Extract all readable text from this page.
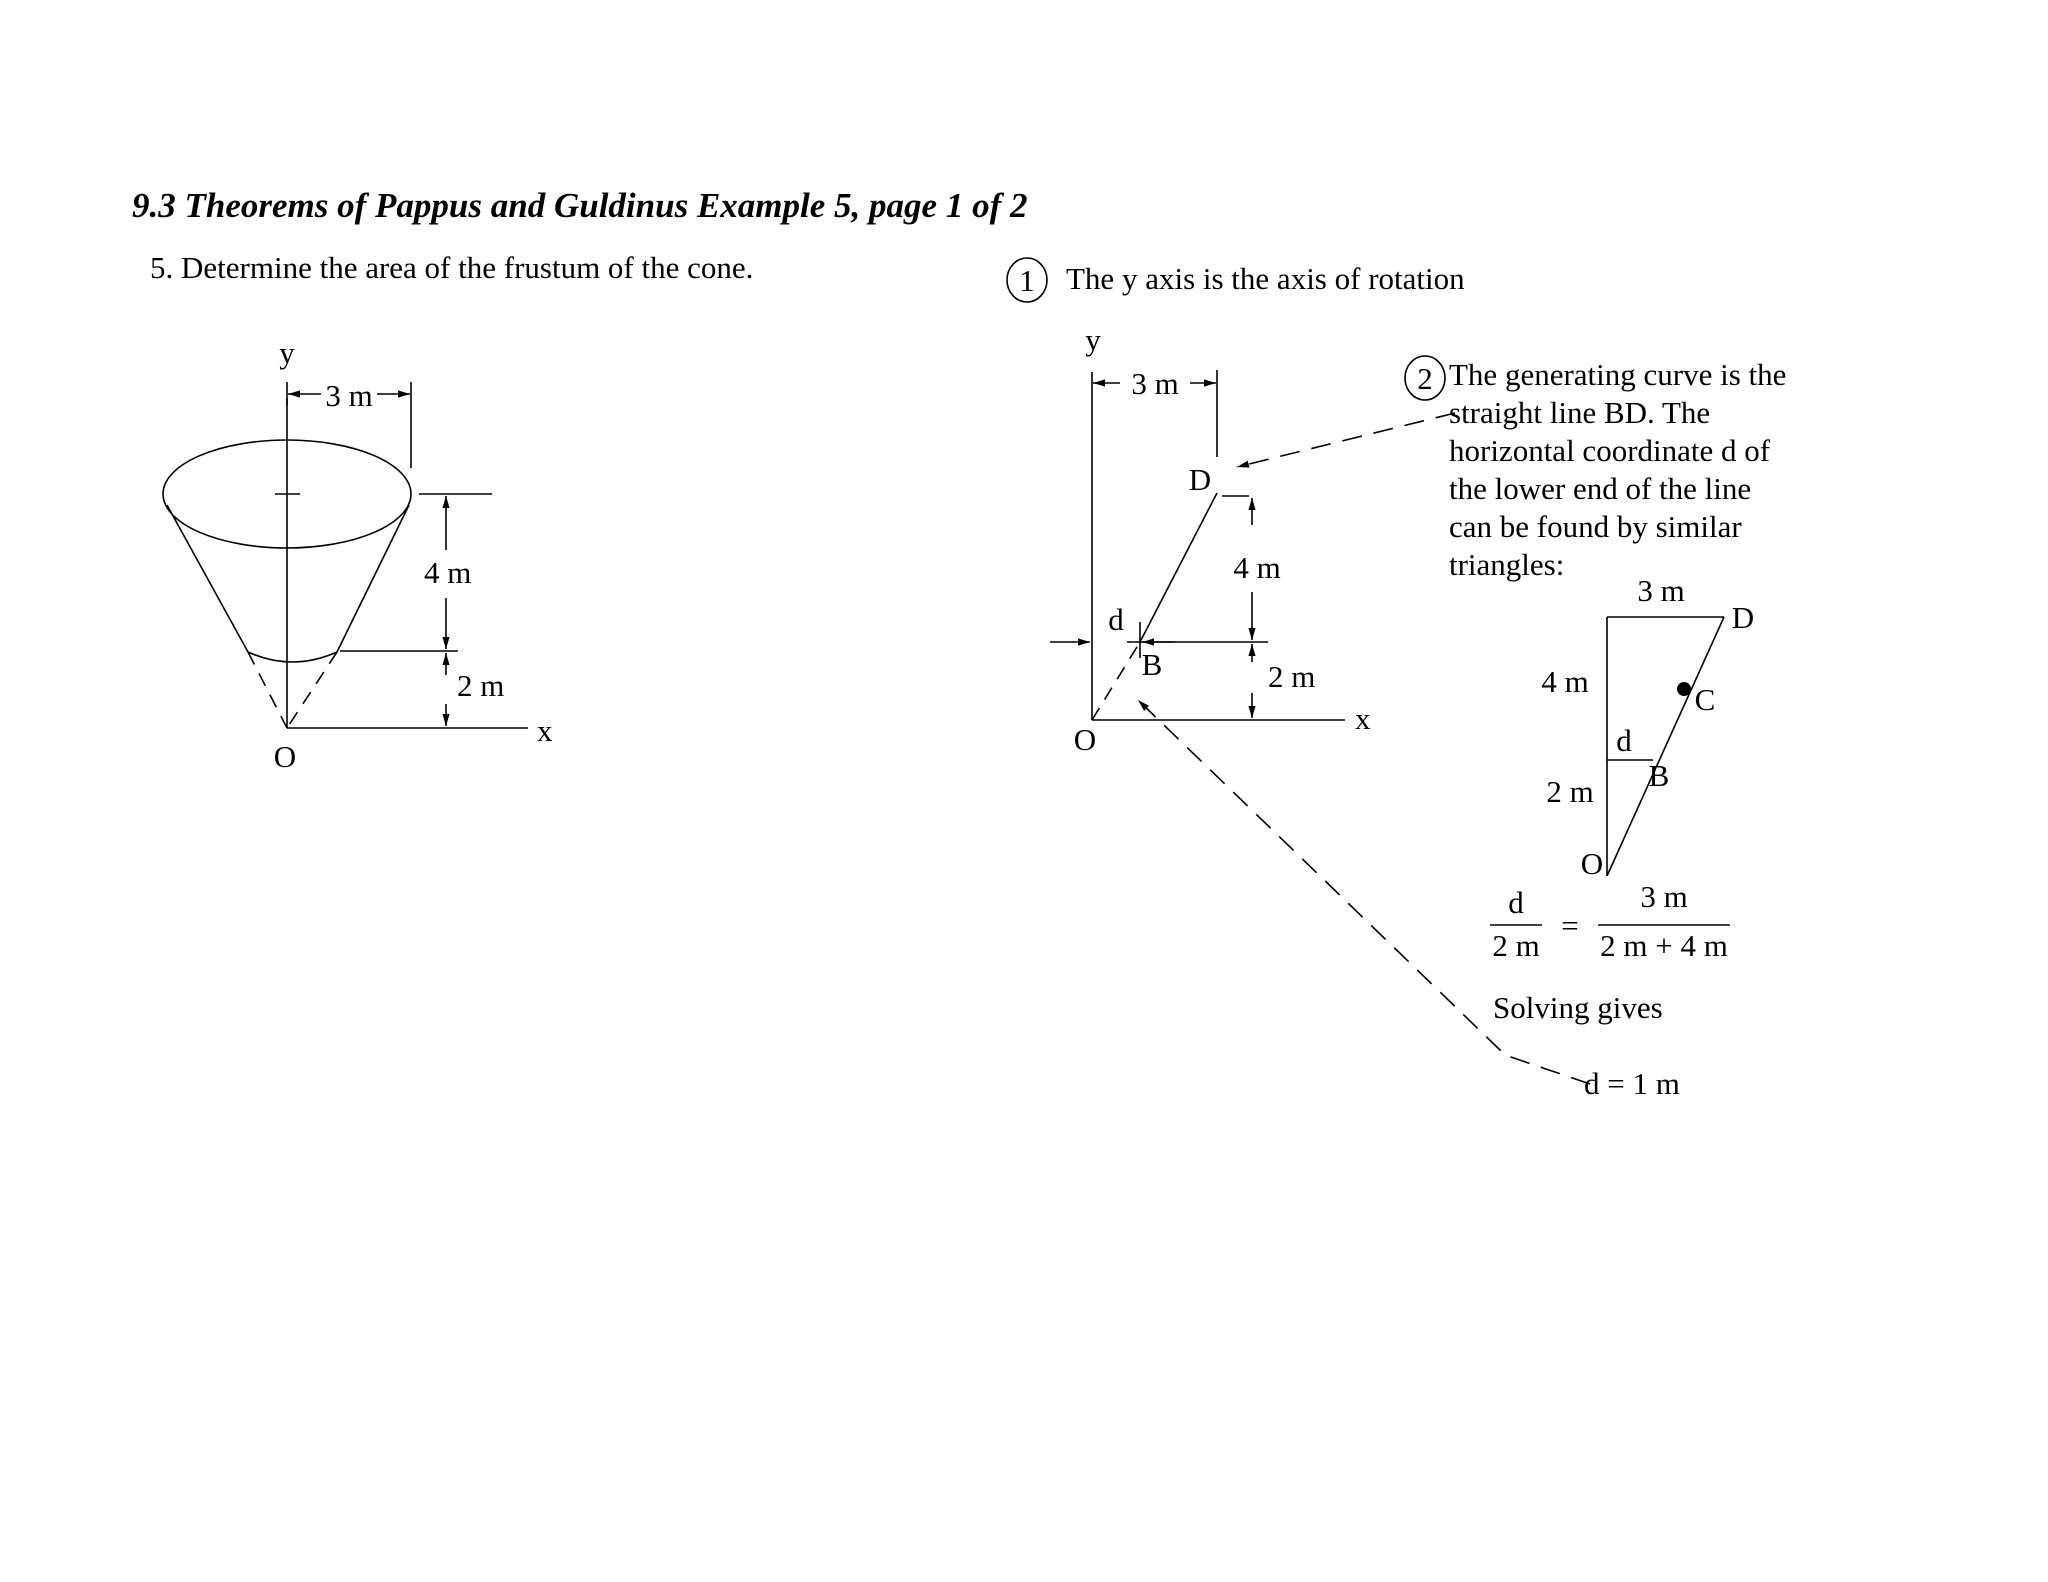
9.3 Theorems of Pappus and Guldinus Example 5, page 1 of 2
5. Determine the area of the frustum of the cone.
y
3 m
4 m
2 m
x
O
1
y
3 m
D
4 m
d
B	2 m
x
O
2
3 m
D
4 m
C
d
B
2 m
O
d
2 m
=
3 m
2 m + 4 m
The y axis is the axis of rotation
The generating curve is the
straight line BD. The
horizontal coordinate d of
the lower end of the line
can be found by similar
triangles:
Solving gives
d = 1 m
